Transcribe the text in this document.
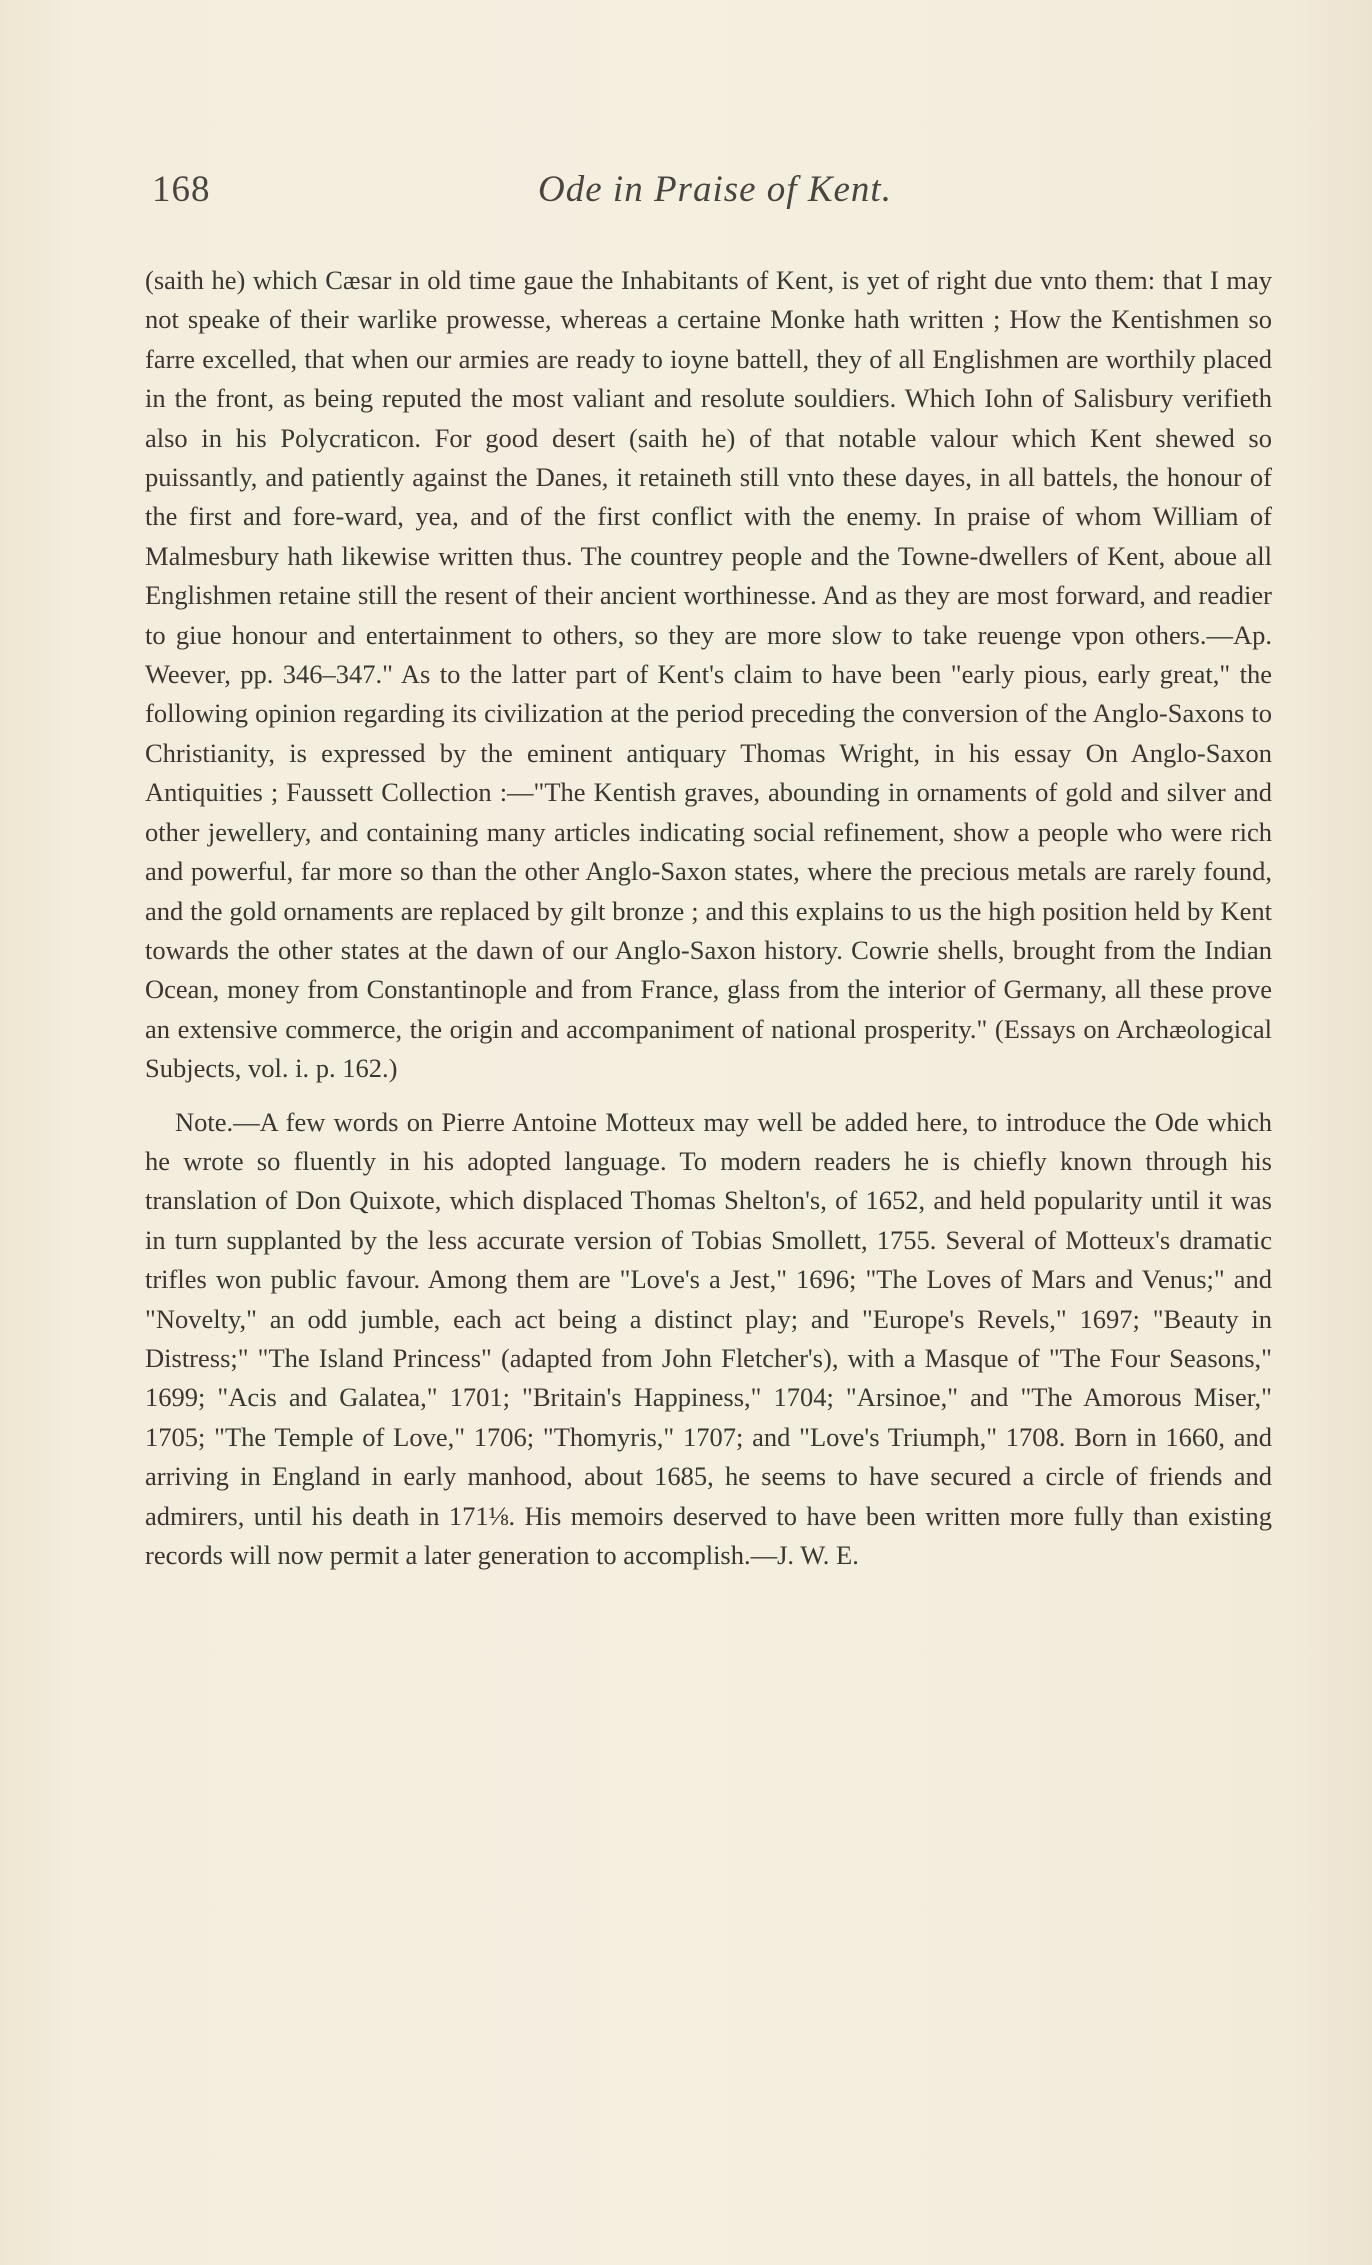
168	Ode in Praise of Kent.

(saith he) which Cæsar in old time gaue the Inhabitants of Kent, is yet of right due vnto them: that I may not speake of their warlike prowesse, whereas a certaine Monke hath written ; How the Kentishmen so farre excelled, that when our armies are ready to ioyne battell, they of all Englishmen are worthily placed in the front, as being reputed the most valiant and resolute souldiers. Which Iohn of Salisbury verifieth also in his Polycraticon. For good desert (saith he) of that notable valour which Kent shewed so puissantly, and patiently against the Danes, it retaineth still vnto these dayes, in all battels, the honour of the first and fore-ward, yea, and of the first conflict with the enemy. In praise of whom William of Malmesbury hath likewise written thus. The countrey people and the Towne-dwellers of Kent, aboue all Englishmen retaine still the resent of their ancient worthinesse. And as they are most forward, and readier to giue honour and entertainment to others, so they are more slow to take reuenge vpon others.—Ap. Weever, pp. 346–347." As to the latter part of Kent's claim to have been "early pious, early great," the following opinion regarding its civilization at the period preceding the conversion of the Anglo-Saxons to Christianity, is expressed by the eminent antiquary Thomas Wright, in his essay On Anglo-Saxon Antiquities ; Faussett Collection :—"The Kentish graves, abounding in ornaments of gold and silver and other jewellery, and containing many articles indicating social refinement, show a people who were rich and powerful, far more so than the other Anglo-Saxon states, where the precious metals are rarely found, and the gold ornaments are replaced by gilt bronze ; and this explains to us the high position held by Kent towards the other states at the dawn of our Anglo-Saxon history. Cowrie shells, brought from the Indian Ocean, money from Constantinople and from France, glass from the interior of Germany, all these prove an extensive commerce, the origin and accompaniment of national prosperity." (Essays on Archæological Subjects, vol. i. p. 162.)

Note.—A few words on Pierre Antoine Motteux may well be added here, to introduce the Ode which he wrote so fluently in his adopted language. To modern readers he is chiefly known through his translation of Don Quixote, which displaced Thomas Shelton's, of 1652, and held popularity until it was in turn supplanted by the less accurate version of Tobias Smollett, 1755. Several of Motteux's dramatic trifles won public favour. Among them are "Love's a Jest," 1696; "The Loves of Mars and Venus;" and "Novelty," an odd jumble, each act being a distinct play; and "Europe's Revels," 1697; "Beauty in Distress;" "The Island Princess" (adapted from John Fletcher's), with a Masque of "The Four Seasons," 1699; "Acis and Galatea," 1701; "Britain's Happiness," 1704; "Arsinoe," and "The Amorous Miser," 1705; "The Temple of Love," 1706; "Thomyris," 1707; and "Love's Triumph," 1708. Born in 1660, and arriving in England in early manhood, about 1685, he seems to have secured a circle of friends and admirers, until his death in 171⅛. His memoirs deserved to have been written more fully than existing records will now permit a later generation to accomplish.—J. W. E.
